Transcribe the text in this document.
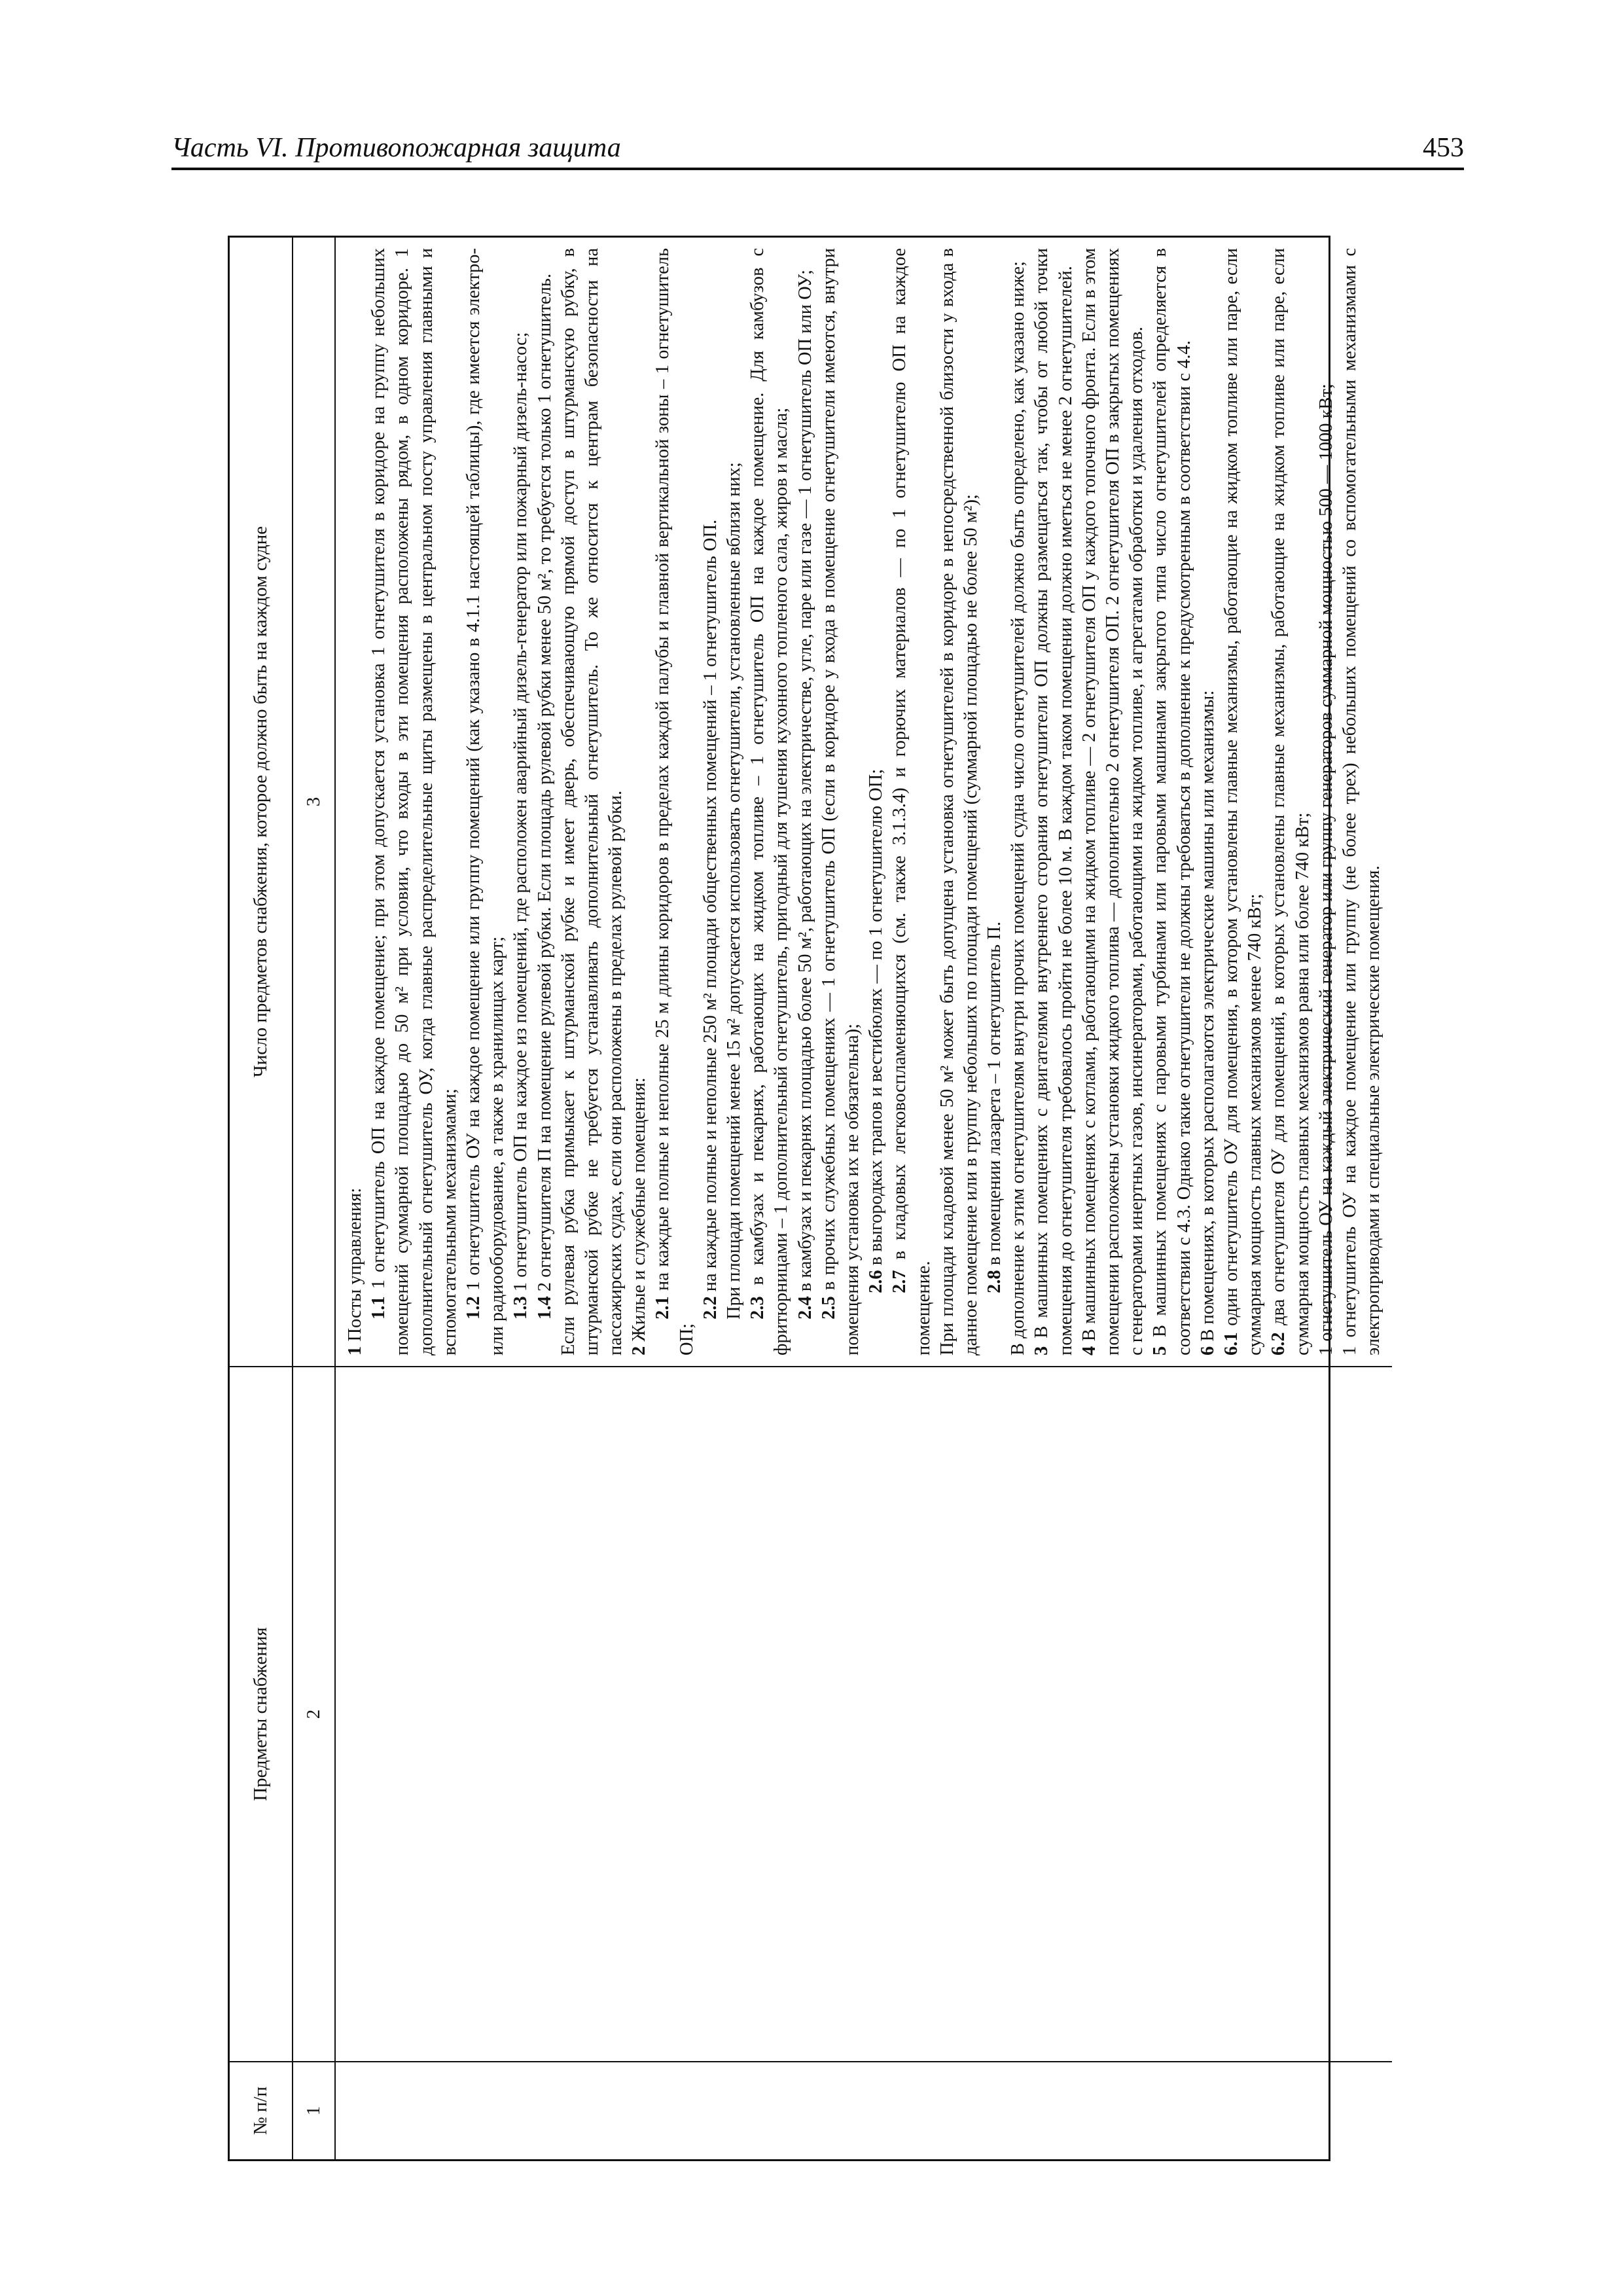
Часть VI. Противопожарная защита	453
№ п/п
Предметы снабжения
Число предметов снабжения, которое должно быть на каждом судне
1
2
3

1 Посты управления: 1.1 1 огнетушитель ОП на каждое помещение; при этом допускается установка 1 огнетушителя в коридоре на группу небольших помещений суммарной площадью до 50 м² при условии, что входы в эти помещения расположены рядом, в одном коридоре. 1 дополнительный огнетушитель ОУ, когда главные распределительные щиты размещены в центральном посту управления главными и вспомогательными механизмами; 1.2 1 огнетушитель ОУ на каждое помещение или группу помещений (как указано в 4.1.1 настоящей таблицы), где имеется электро- или радиооборудование, а также в хранилищах карт; 1.3 1 огнетушитель ОП на каждое из помещений, где расположен аварийный дизель-генератор или пожарный дизель-насос;

1.4 2 огнетушителя П на помещение рулевой рубки. Если площадь рулевой рубки менее 50 м², то требуется только 1 огнетушитель. Если рулевая рубка примыкает к штурманской рубке и имеет дверь, обеспечивающую прямой доступ в штурманскую рубку, в штурманской рубке не требуется устанавливать дополнительный огнетушитель. То же относится к центрам безопасности на пассажирских судах, если они расположены в пределах рулевой рубки. 2 Жилые и служебные помещения: 2.1 на каждые полные и неполные 25 м длины коридоров в пределах каждой палубы и главной вертикальной зоны – 1 огнетушитель ОП;

2.2 на каждые полные и неполные 250 м² площади общественных помещений – 1 огнетушитель ОП. При площади помещений менее 15 м² допускается использовать огнетушители, установленные вблизи них; 2.3 в камбузах и пекарнях, работающих на жидком топливе – 1 огнетушитель ОП на каждое помещение. Для камбузов с фритюрницами – 1 дополнительный огнетушитель, пригодный для тушения кухонного топленого сала, жиров и масла; 2.4 в камбузах и пекарнях площадью более 50 м², работающих на электричестве, угле, паре или газе — 1 огнетушитель ОП или ОУ;

2.5 в прочих служебных помещениях — 1 огнетушитель ОП (если в коридоре у входа в помещение огнетушители имеются, внутри помещения установка их не обязательна); 2.6 в выгородках трапов и вестибюлях — по 1 огнетушителю ОП;

2.7 в кладовых легковоспламеняющихся (см. также 3.1.3.4) и горючих материалов — по 1 огнетушителю ОП на каждое помещение. При площади кладовой менее 50 м² может быть допущена установка огнетушителей в коридоре в непосредственной близости у входа в данное помещение или в группу небольших по площади помещений (суммарной площадью не более 50 м²); 2.8 в помещении лазарета – 1 огнетушитель П. В дополнение к этим огнетушителям внутри прочих помещений судна число огнетушителей должно быть определено, как указано ниже; 3 В машинных помещениях с двигателями внутреннего сгорания огнетушители ОП должны размещаться так, чтобы от любой точки помещения до огнетушителя требовалось пройти не более 10 м. В каждом таком помещении должно иметься не менее 2 огнетушителей. 4 В машинных помещениях с котлами, работающими на жидком топливе — 2 огнетушителя ОП у каждого топочного фронта. Если в этом помещении расположены установки жидкого топлива — дополнительно 2 огнетушителя ОП. 2 огнетушителя ОП в закрытых помещениях с генераторами инертных газов, инсинераторами, работающими на жидком топливе, и агрегатами обработки и удаления отходов. 5 В машинных помещениях с паровыми турбинами или паровыми машинами закрытого типа число огнетушителей определяется в соответствии с 4.3. Однако такие огнетушители не должны требоваться в дополнение к предусмотренным в соответствии с 4.4. 6 В помещениях, в которых располагаются электрические машины или механизмы: 6.1 один огнетушитель ОУ для помещения, в котором установлены главные механизмы, работающие на жидком топливе или паре, если суммарная мощность главных механизмов менее 740 кВт; 6.2 два огнетушителя ОУ для помещений, в которых установлены главные механизмы, работающие на жидком топливе или паре, если суммарная мощность главных механизмов равна или более 740 кВт; 1 огнетушитель ОУ на каждый электрический генератор или группу генераторов суммарной мощностью 500 — 1000 кВт; 1 огнетушитель ОУ на каждое помещение или группу (не более трех) небольших помещений со вспомогательными механизмами с электроприводами и специальные электрические помещения.
